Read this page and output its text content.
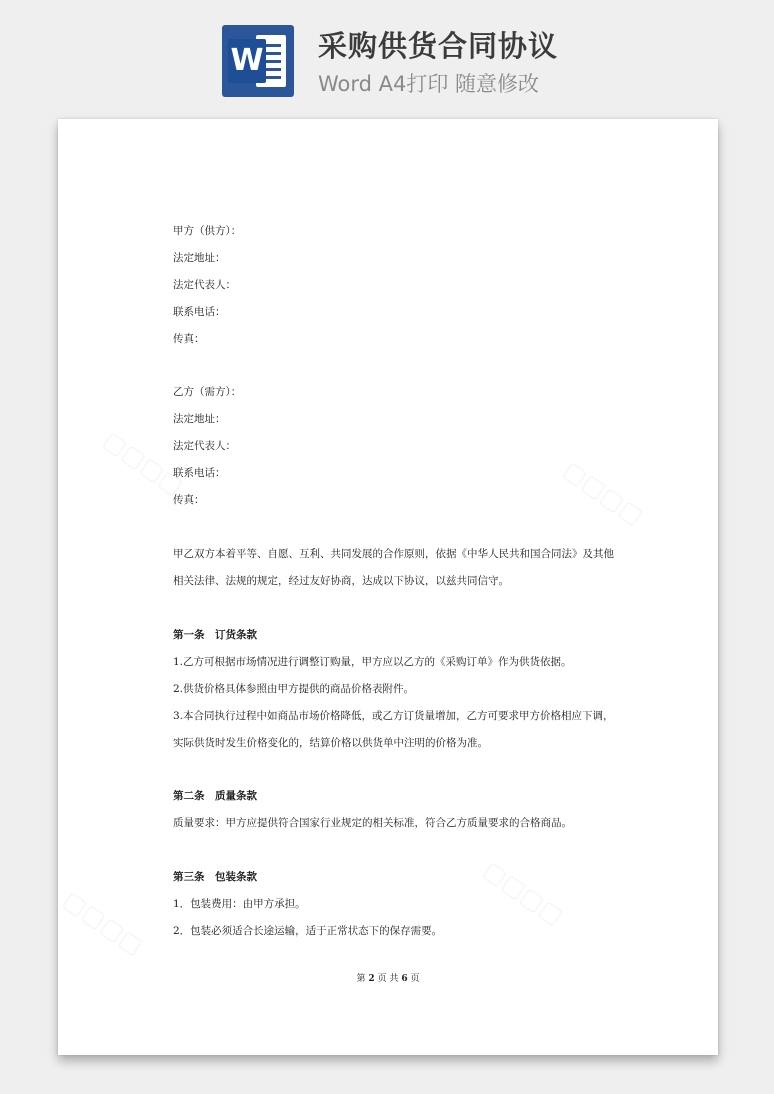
W 采购供货合同协议
Word A4打印 随意修改
▢▢▢▢	▢▢▢▢
▢▢▢▢	▢▢▢▢
甲方（供方）：
法定地址：
法定代表人：
联系电话：
传真：
乙方（需方）：
法定地址：
法定代表人：
联系电话：
传真：
甲乙双方本着平等、自愿、互利、共同发展的合作原则，依据《中华人民共和国合同法》及其他
相关法律、法规的规定，经过友好协商，达成以下协议，以兹共同信守。
第一条　订货条款
1.乙方可根据市场情况进行调整订购量，甲方应以乙方的《采购订单》作为供货依据。
2.供货价格具体参照由甲方提供的商品价格表附件。
3.本合同执行过程中如商品市场价格降低，或乙方订货量增加，乙方可要求甲方价格相应下调，
实际供货时发生价格变化的，结算价格以供货单中注明的价格为准。
第二条　质量条款
质量要求：甲方应提供符合国家行业规定的相关标准，符合乙方质量要求的合格商品。
第三条　包装条款
1．包装费用：由甲方承担。
2．包装必须适合长途运输，适于正常状态下的保存需要。
第 2 页 共 6 页
